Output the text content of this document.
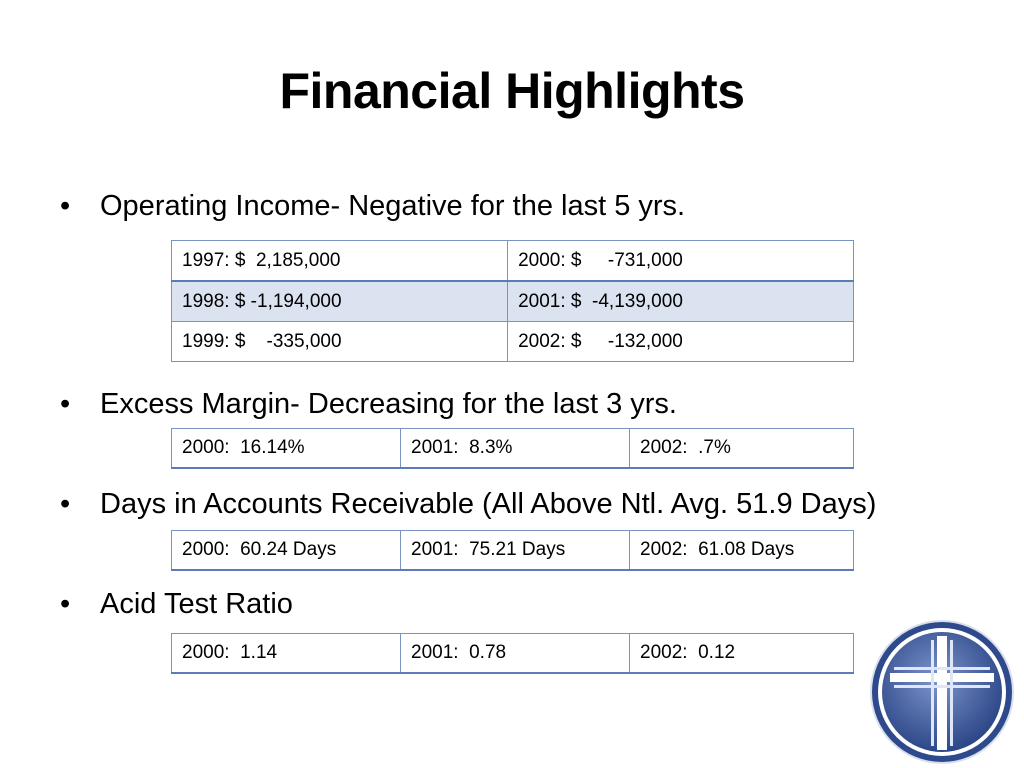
Financial Highlights
• Operating Income- Negative for the last 5 yrs.
1997: $  2,185,000	2000: $     -731,000
1998: $ -1,194,000	2001: $  -4,139,000
1999: $    -335,000	2002: $     -132,000
• Excess Margin- Decreasing for the last 3 yrs.
2000:  16.14%	2001:  8.3%	2002:  .7%
• Days in Accounts Receivable (All Above Ntl. Avg. 51.9 Days)
2000:  60.24 Days	2001:  75.21 Days	2002:  61.08 Days
• Acid Test Ratio
2000:  1.14	2001:  0.78	2002:  0.12
